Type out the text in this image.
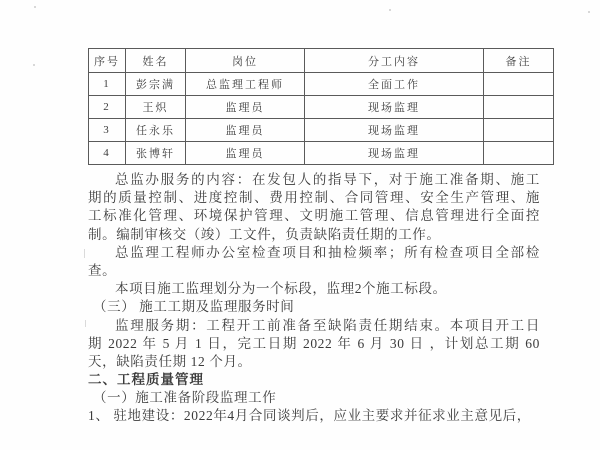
序号	姓名	岗位	分工内容	备注
1	彭宗满	总监理工程师	全面工作	
2	王炽	监理员	现场监理	
3	任永乐	监理员	现场监理	
4	张博轩	监理员	现场监理	
总监办服务的内容：在发包人的指导下，对于施工准备期、施工
期的质量控制、进度控制、费用控制、合同管理、安全生产管理、施
工标准化管理、环境保护管理、文明施工管理、信息管理进行全面控
制。编制审核交（竣）工文件，负责缺陷责任期的工作。
总监理工程师办公室检查项目和抽检频率；所有检查项目全部检
查。
本项目施工监理划分为一个标段，监理2个施工标段。
（三） 施工工期及监理服务时间
监理服务期：工程开工前准备至缺陷责任期结束。本项目开工日
期 2022 年 5 月 1 日，完工日期 2022 年 6 月 30 日 ，计划总工期 60
天，缺陷责任期 12 个月。
二、工程质量管理
（一）施工准备阶段监理工作
1、 驻地建设：2022年4月合同谈判后，应业主要求并征求业主意见后，
